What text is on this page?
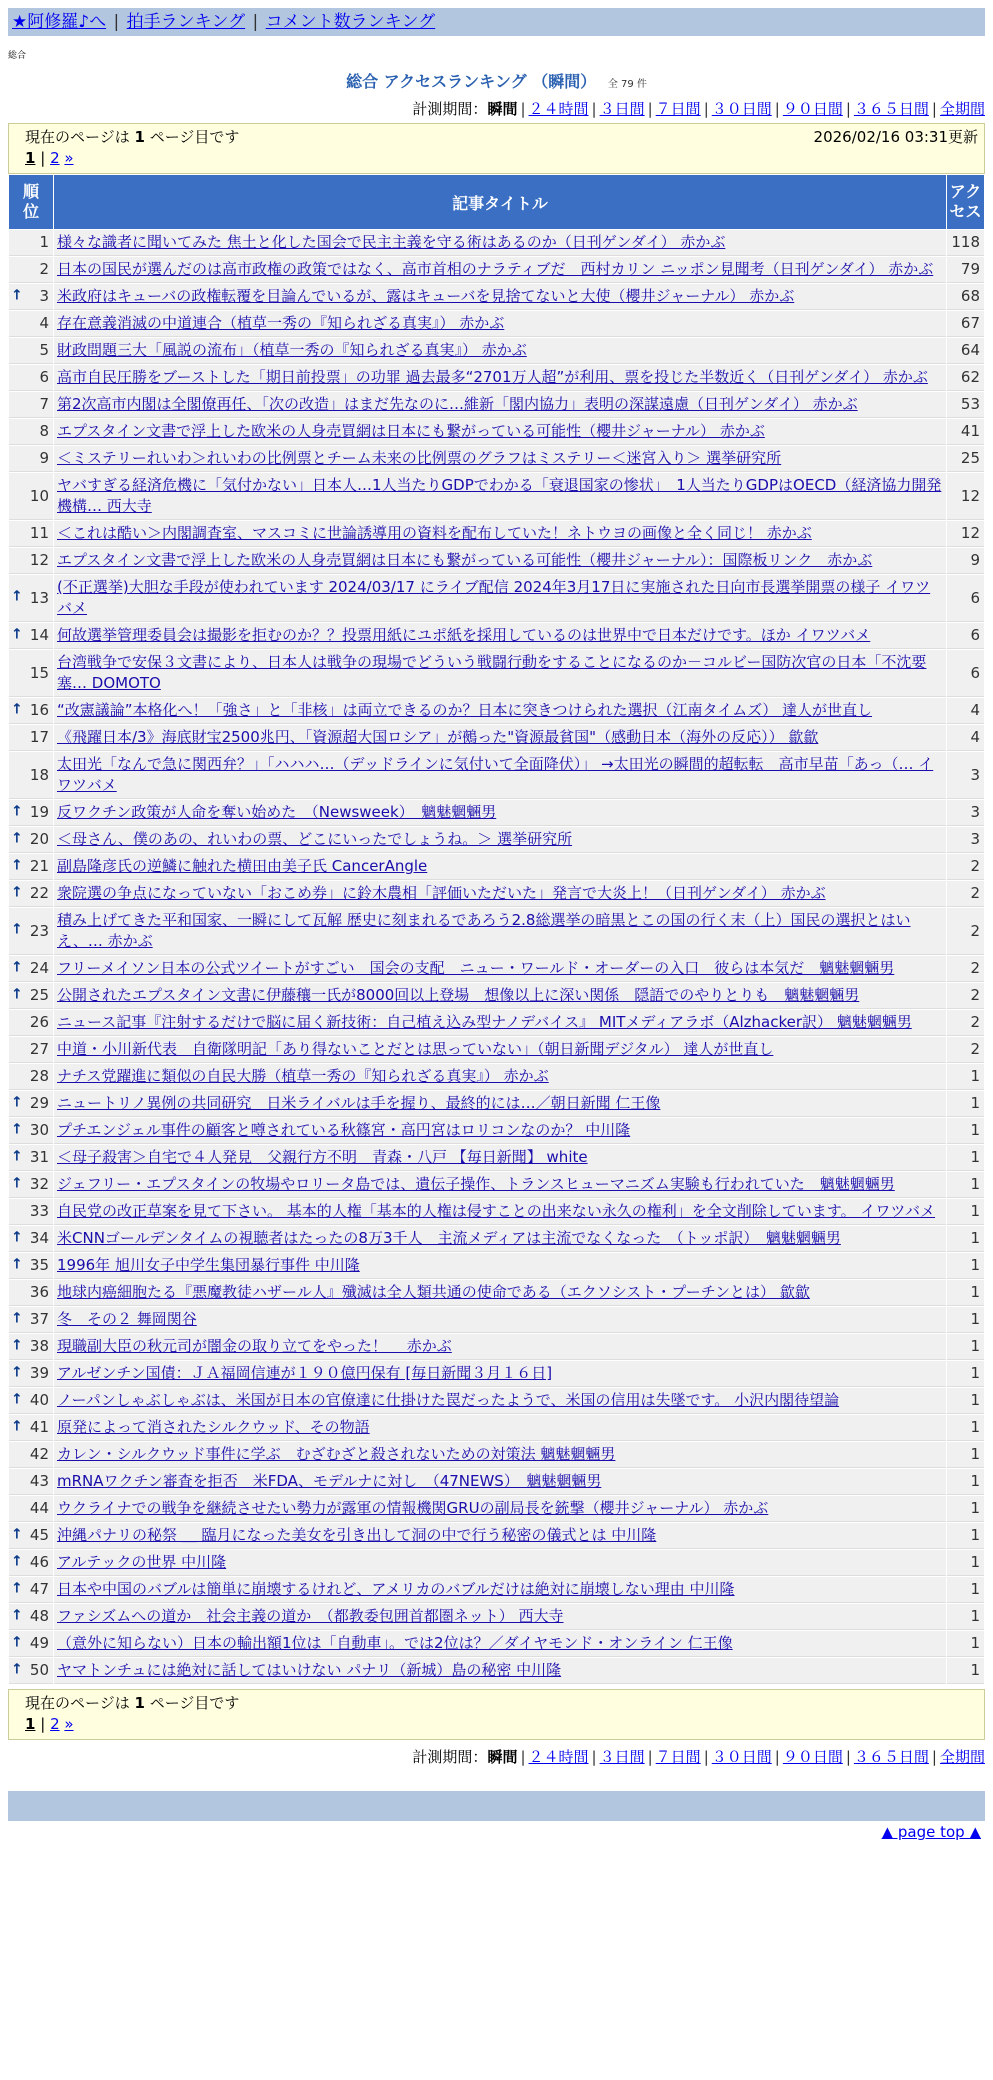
★阿修羅♪へ | 拍手ランキング | コメント数ランキング
総合
総合 アクセスランキング （瞬間） 全 79 件
計測期間：瞬間 | ２４時間 | ３日間 | ７日間 | ３０日間 | ９０日間 | ３６５日間 | 全期間
現在のページは 1 ページ目です	2026/02/16 03:31更新
1 | 2 »
順位	記事タイトル	アクセス
1	様々な識者に聞いてみた 焦土と化した国会で民主主義を守る術はあるのか（日刊ゲンダイ） 赤かぶ	118
2	日本の国民が選んだのは高市政権の政策ではなく、高市首相のナラティブだ　西村カリン ニッポン見聞考（日刊ゲンダイ） 赤かぶ	79

↑ 3	米政府はキューバの政権転覆を目論んでいるが、露はキューバを見捨てないと大使（櫻井ジャーナル） 赤かぶ	68
4	存在意義消滅の中道連合（植草一秀の『知られざる真実』） 赤かぶ	67
5	財政問題三大「風説の流布」（植草一秀の『知られざる真実』） 赤かぶ	64
6	高市自民圧勝をブーストした「期日前投票」の功罪 過去最多“2701万人超”が利用、票を投じた半数近く（日刊ゲンダイ） 赤かぶ	62
7	第2次高市内閣は全閣僚再任、「次の改造」はまだ先なのに…維新「閣内協力」表明の深謀遠慮（日刊ゲンダイ） 赤かぶ	53
8	エプスタイン文書で浮上した欧米の人身売買網は日本にも繋がっている可能性（櫻井ジャーナル） 赤かぶ	41
9	＜ミステリーれいわ＞れいわの比例票とチーム未来の比例票のグラフはミステリー＜迷宮入り＞ 選挙研究所	25
10	ヤバすぎる経済危機に「気付かない」日本人…1人当たりGDPでわかる「衰退国家の惨状」　1人当たりGDPはOECD（経済協力開発機構… 西大寺	12
11	＜これは酷い＞内閣調査室、マスコミに世論誘導用の資料を配布していた！ネトウヨの画像と全く同じ！ 赤かぶ	12
12	エプスタイン文書で浮上した欧米の人身売買網は日本にも繋がっている可能性（櫻井ジャーナル）：国際板リンク　赤かぶ	9

↑ 13	(不正選挙)大胆な手段が使われています 2024/03/17 にライブ配信 2024年3月17日に実施された日向市長選挙開票の様子 イワツバメ	6

↑ 14	何故選挙管理委員会は撮影を拒むのか？？投票用紙にユポ紙を採用しているのは世界中で日本だけです。ほか イワツバメ	6
15	台湾戦争で安保３文書により、日本人は戦争の現場でどういう戦闘行動をすることになるのか－コルビー国防次官の日本「不沈要塞… DOMOTO	6

↑ 16	“改憲議論”本格化へ！「強さ」と「非核」は両立できるのか？日本に突きつけられた選択（江南タイムズ） 達人が世直し	4
17	《飛躍日本/3》海底財宝2500兆円、「資源超大国ロシア」が鵺った"資源最貧国"（感動日本（海外の反応）） 歙歙	4
18	太田光「なんで急に関西弁？」「ハハハ…（デッドラインに気付いて全面降伏）」 →太田光の瞬間的超転転　高市早苗「あっ（… イワツバメ	3

↑ 19	反ワクチン政策が人命を奪い始めた　（Newsweek）　魑魅魍魎男	3

↑ 20	＜母さん、僕のあの、れいわの票、どこにいったでしょうね。＞ 選挙研究所	3

↑ 21	副島隆彦氏の逆鱗に触れた横田由美子氏 CancerAngle	2

↑ 22	衆院選の争点になっていない「おこめ券」に鈴木農相「評価いただいた」発言で大炎上！（日刊ゲンダイ） 赤かぶ	2

↑ 23	積み上げてきた平和国家、一瞬にして瓦解 歴史に刻まれるであろう2.8総選挙の暗黒とこの国の行く末（上）国民の選択とはいえ、… 赤かぶ	2

↑ 24	フリーメイソン日本の公式ツイートがすごい　国会の支配　ニュー・ワールド・オーダーの入口　彼らは本気だ　魑魅魍魎男	2

↑ 25	公開されたエプスタイン文書に伊藤穰一氏が8000回以上登場　想像以上に深い関係　隠語でのやりとりも　魑魅魍魎男	2
26	ニュース記事『注射するだけで脳に届く新技術：自己植え込み型ナノデバイス』 MITメディアラボ（Alzhacker訳） 魑魅魍魎男	2
27	中道・小川新代表　自衛隊明記「あり得ないことだとは思っていない」（朝日新聞デジタル） 達人が世直し	2
28	ナチス党躍進に類似の自民大勝（植草一秀の『知られざる真実』） 赤かぶ	1

↑ 29	ニュートリノ異例の共同研究　日米ライバルは手を握り、最終的には…／朝日新聞 仁王像	1

↑ 30	プチエンジェル事件の顧客と噂されている秋篠宮・高円宮はロリコンなのか？ 中川隆	1

↑ 31	＜母子殺害＞自宅で４人発見　父親行方不明　青森・八戸 【毎日新聞】 white	1

↑ 32	ジェフリー・エプスタインの牧場やロリータ島では、遺伝子操作、トランスヒューマニズム実験も行われていた　魑魅魍魎男	1
33	自民党の改正草案を見て下さい。 基本的人権「基本的人権は侵すことの出来ない永久の権利」を全文削除しています。 イワツバメ	1

↑ 34	米CNNゴールデンタイムの視聴者はたったの8万3千人　主流メディアは主流でなくなった　（トッポ訳）　魑魅魍魎男	1

↑ 35	1996年 旭川女子中学生集団暴行事件 中川隆	1
36	地球内癌細胞たる『悪魔教徒ハザール人』殲滅は全人類共通の使命である（エクソシスト・プーチンとは） 歙歙	1

↑ 37	冬　その２ 舞岡関谷	1

↑ 38	現職副大臣の秋元司が闇金の取り立てをやった！　 赤かぶ	1

↑ 39	アルゼンチン国債：ＪＡ福岡信連が１９０億円保有 [毎日新聞３月１６日]	1

↑ 40	ノーパンしゃぶしゃぶは、米国が日本の官僚達に仕掛けた罠だったようで、米国の信用は失墜です。 小沢内閣待望論	1

↑ 41	原発によって消されたシルクウッド、その物語	1
42	カレン・シルクウッド事件に学ぶ　むざむざと殺されないための対策法 魑魅魍魎男	1
43	mRNAワクチン審査を拒否　米FDA、モデルナに対し　（47NEWS）　魑魅魍魎男	1
44	ウクライナでの戦争を継続させたい勢力が露軍の情報機関GRUの副局長を銃撃（櫻井ジャーナル） 赤かぶ	1

↑ 45	沖縄パナリの秘祭 ＿ 臨月になった美女を引き出して洞の中で行う秘密の儀式とは 中川隆	1

↑ 46	アルテックの世界 中川隆	1

↑ 47	日本や中国のバブルは簡単に崩壊するけれど、アメリカのバブルだけは絶対に崩壊しない理由 中川隆	1

↑ 48	ファシズムへの道か　社会主義の道か　（都教委包囲首都圏ネット） 西大寺	1

↑ 49	（意外に知らない）日本の輸出額1位は「自動車」。では2位は？／ダイヤモンド・オンライン 仁王像	1

↑ 50	ヤマトンチュには絶対に話してはいけない パナリ（新城）島の秘密 中川隆	1
現在のページは 1 ページ目です
1 | 2 »
計測期間：瞬間 | ２４時間 | ３日間 | ７日間 | ３０日間 | ９０日間 | ３６５日間 | 全期間
▲ page top ▲
